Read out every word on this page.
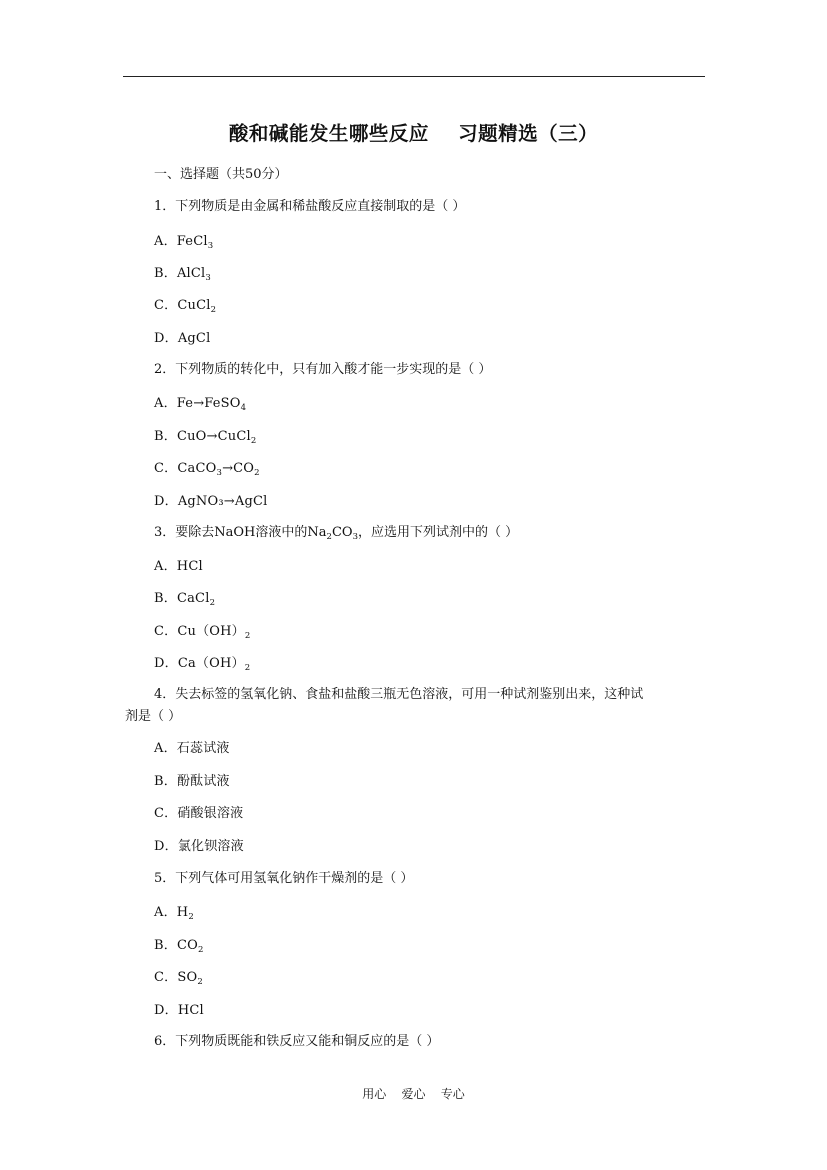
酸和碱能发生哪些反应    习题精选（三）
一、选择题（共50分）
1．下列物质是由金属和稀盐酸反应直接制取的是（ ）
A．FeCl$_3$
B．AlCl$_3$
C．CuCl$_2$
D．AgCl
2．下列物质的转化中，只有加入酸才能一步实现的是（ ）
A．Fe→FeSO$_4$
B．CuO→CuCl$_2$
C．$CaCO_3\to CO_2$
D．AgNO₃→AgCl
3．要除去NaOH溶液中的$Na_2CO_3$，应选用下列试剂中的（ ）
A．HCl
B．CaCl$_2$
C．$Cu(OH)_2$
D．$Ca(OH)_2$
4．失去标签的氢氧化钠、食盐和盐酸三瓶无色溶液，可用一种试剂鉴别出来，这种试
剂是（ ）
A．石蕊试液
B．酚酞试液
C．硝酸银溶液
D．氯化钡溶液
5．下列气体可用氢氧化钠作干燥剂的是（ ）
A．$H_2$
B．$CO_2$
C．$SO_2$
D．HCl
6．下列物质既能和铁反应又能和铜反应的是（ ）
用心    爱心    专心
